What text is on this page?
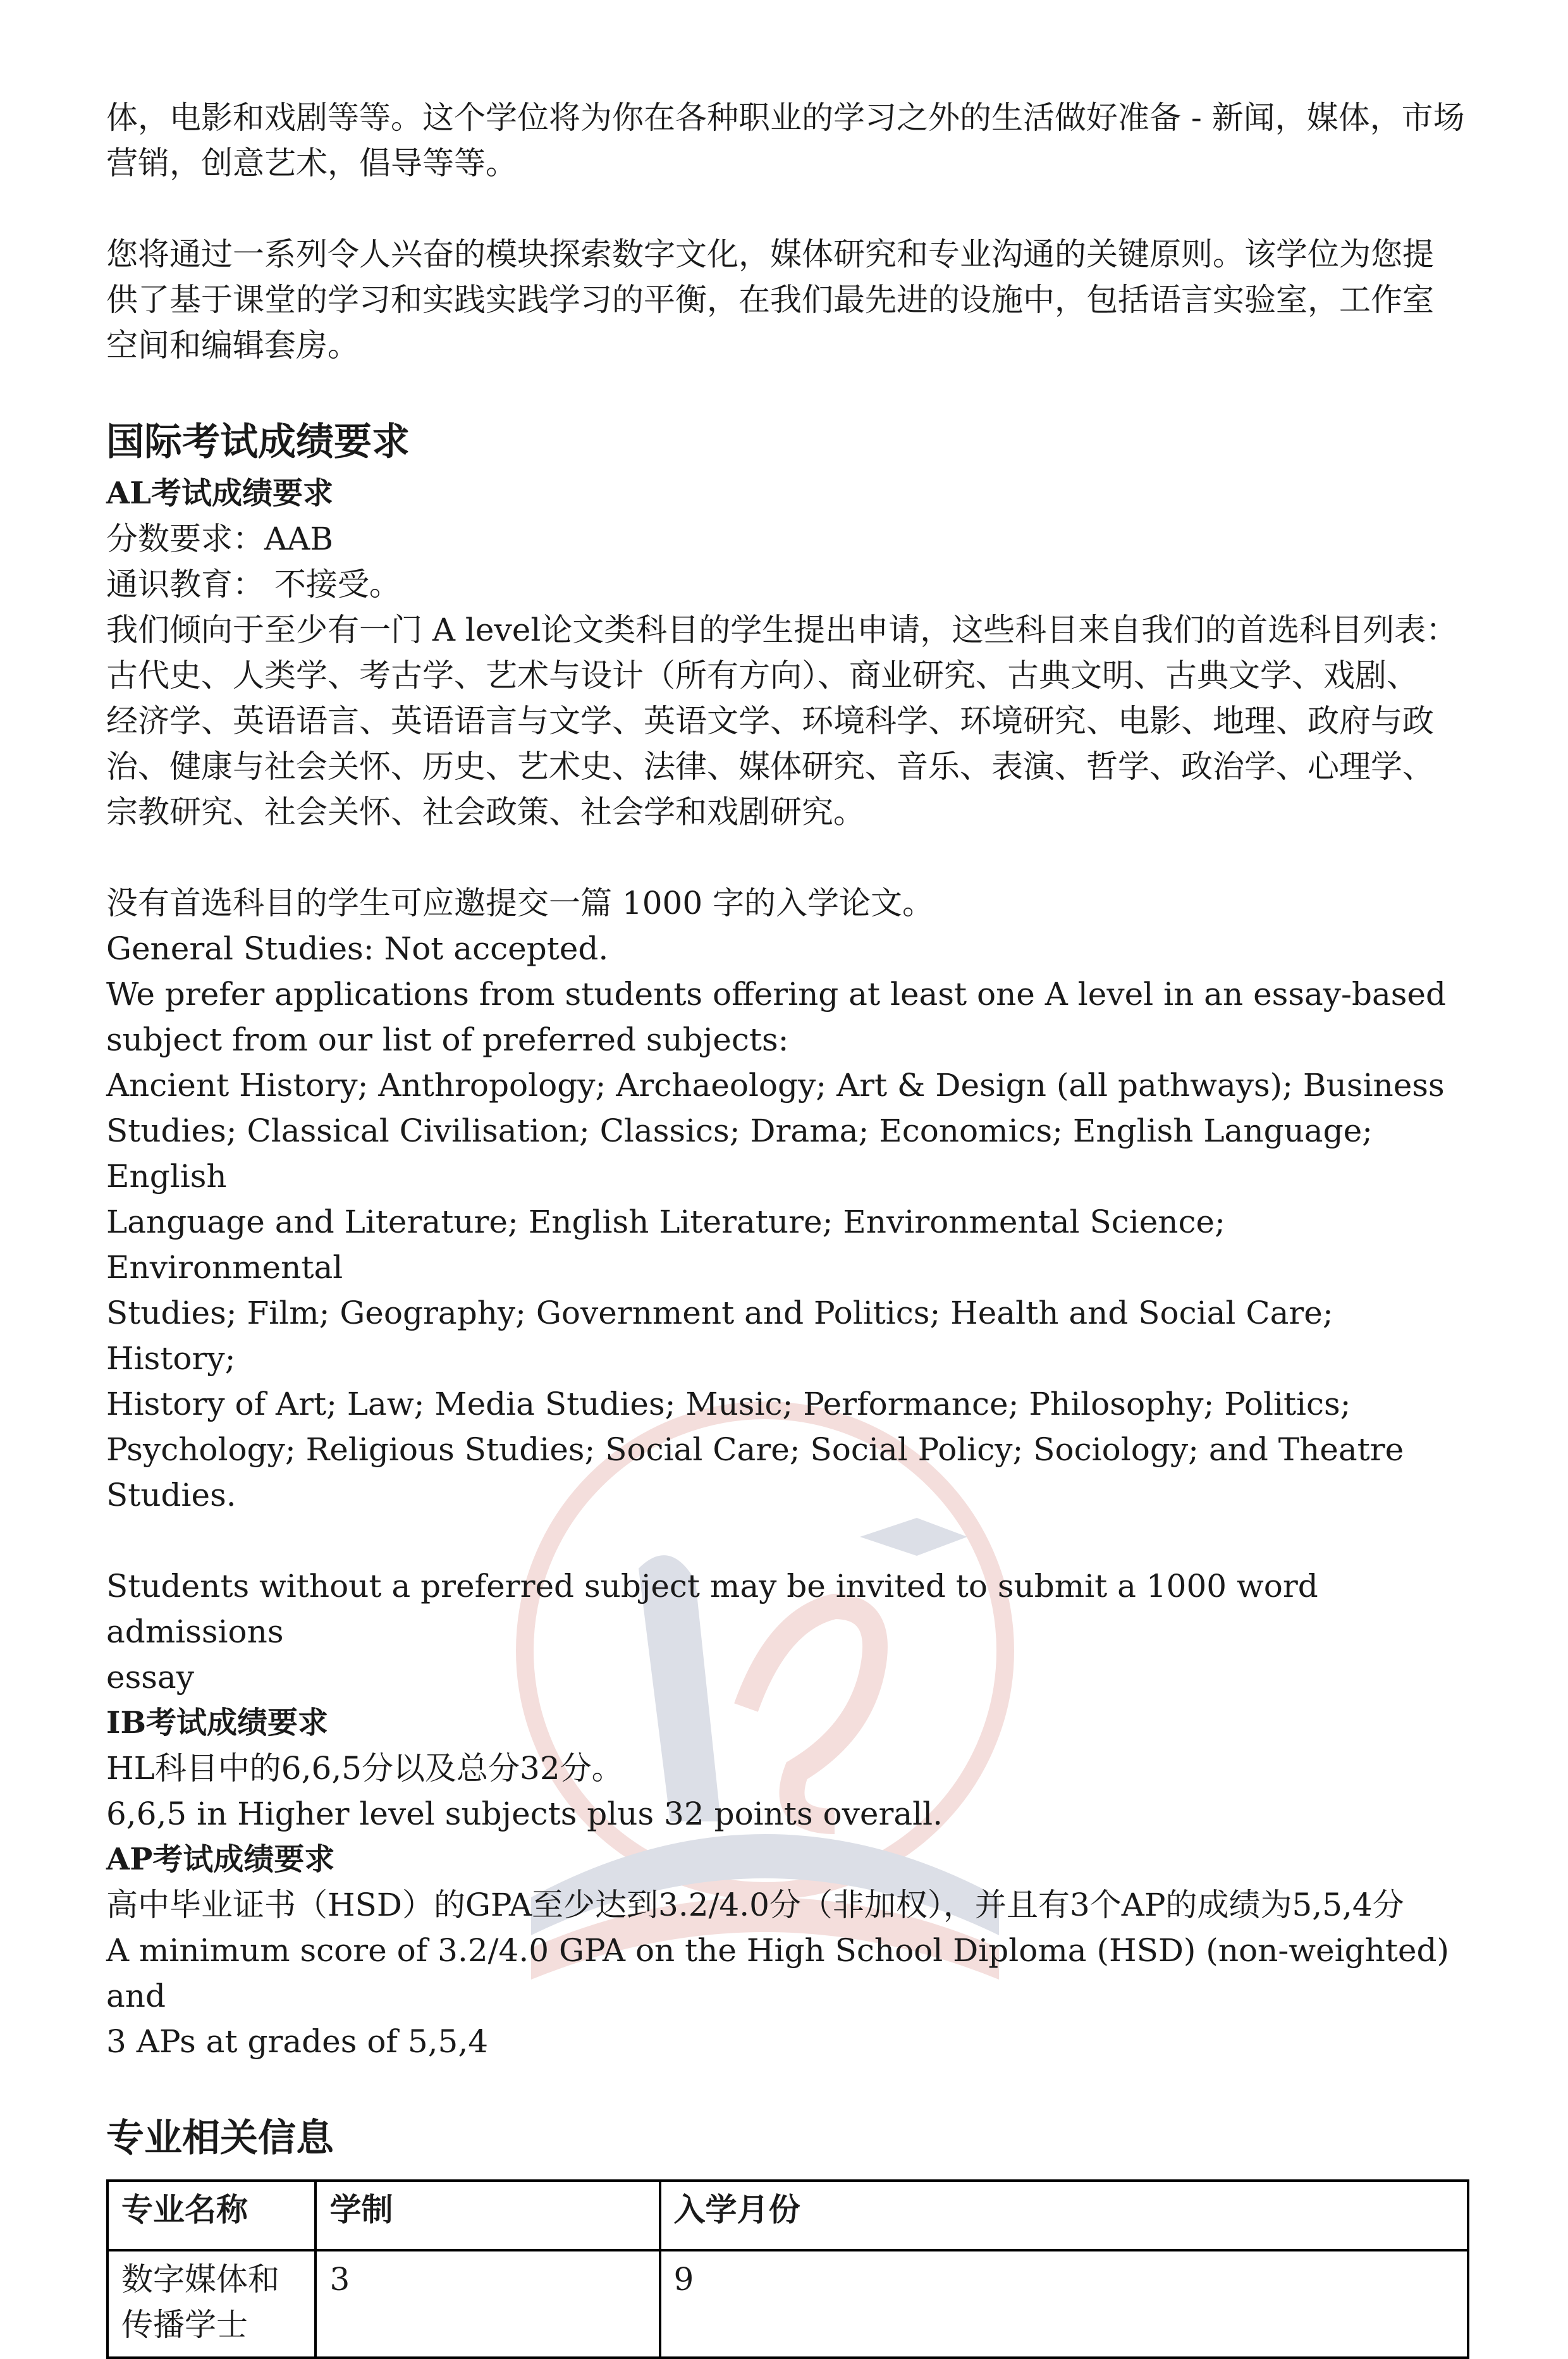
体，电影和戏剧等等。这个学位将为你在各种职业的学习之外的生活做好准备 - 新闻，媒体，市场

营销，创意艺术，倡导等等。

您将通过一系列令人兴奋的模块探索数字文化，媒体研究和专业沟通的关键原则。该学位为您提

供了基于课堂的学习和实践实践学习的平衡，在我们最先进的设施中，包括语言实验室，工作室

空间和编辑套房。

国际考试成绩要求
AL考试成绩要求

分数要求：AAB

通识教育： 不接受。

我们倾向于至少有一门 A level论文类科目的学生提出申请，这些科目来自我们的首选科目列表：

古代史、人类学、考古学、艺术与设计（所有方向）、商业研究、古典文明、古典文学、戏剧、

经济学、英语语言、英语语言与文学、英语文学、环境科学、环境研究、电影、地理、政府与政

治、健康与社会关怀、历史、艺术史、法律、媒体研究、音乐、表演、哲学、政治学、心理学、

宗教研究、社会关怀、社会政策、社会学和戏剧研究。

没有首选科目的学生可应邀提交一篇 1000 字的入学论文。

General Studies: Not accepted.

We prefer applications from students offering at least one A level in an essay-based

subject from our list of preferred subjects:

Ancient History; Anthropology; Archaeology; Art & Design (all pathways); Business

Studies; Classical Civilisation; Classics; Drama; Economics; English Language; English

Language and Literature; English Literature; Environmental Science; Environmental

Studies; Film; Geography; Government and Politics; Health and Social Care; History;

History of Art; Law; Media Studies; Music; Performance; Philosophy; Politics;

Psychology; Religious Studies; Social Care; Social Policy; Sociology; and Theatre Studies.

Students without a preferred subject may be invited to submit a 1000 word admissions

essay

IB考试成绩要求

HL科目中的6,6,5分以及总分32分。

6,6,5 in Higher level subjects plus 32 points overall.

AP考试成绩要求

高中毕业证书（HSD）的GPA至少达到3.2/4.0分（非加权），并且有3个AP的成绩为5,5,4分

A minimum score of 3.2/4.0 GPA on the High School Diploma (HSD) (non-weighted) and

3 APs at grades of 5,5,4

专业相关信息
专业名称	学制	入学月份
数字媒体和
传播学士	3	9
